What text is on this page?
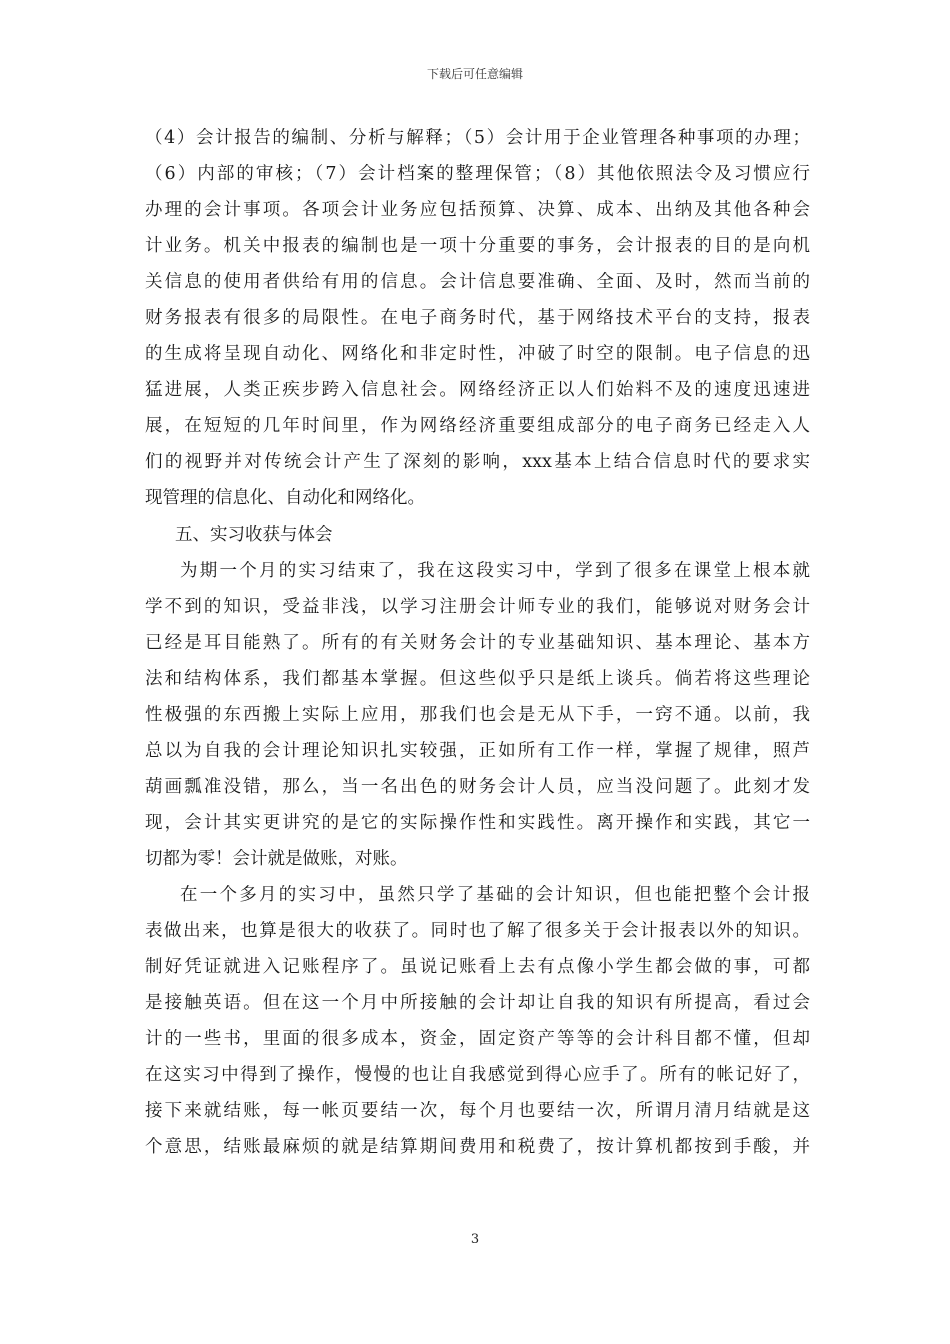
下载后可任意编辑
（4）会计报告的编制、分析与解释；（5）会计用于企业管理各种事项的办理；
（6）内部的审核；（7）会计档案的整理保管；（8）其他依照法令及习惯应行
办理的会计事项。各项会计业务应包括预算、决算、成本、出纳及其他各种会
计业务。机关中报表的编制也是一项十分重要的事务，会计报表的目的是向机
关信息的使用者供给有用的信息。会计信息要准确、全面、及时，然而当前的
财务报表有很多的局限性。在电子商务时代，基于网络技术平台的支持，报表
的生成将呈现自动化、网络化和非定时性，冲破了时空的限制。电子信息的迅
猛进展，人类正疾步跨入信息社会。网络经济正以人们始料不及的速度迅速进
展，在短短的几年时间里，作为网络经济重要组成部分的电子商务已经走入人
们的视野并对传统会计产生了深刻的影响，xxx基本上结合信息时代的要求实
现管理的信息化、自动化和网络化。
五、实习收获与体会
为期一个月的实习结束了，我在这段实习中，学到了很多在课堂上根本就
学不到的知识，受益非浅，以学习注册会计师专业的我们，能够说对财务会计
已经是耳目能熟了。所有的有关财务会计的专业基础知识、基本理论、基本方
法和结构体系，我们都基本掌握。但这些似乎只是纸上谈兵。倘若将这些理论
性极强的东西搬上实际上应用，那我们也会是无从下手，一窍不通。以前，我
总以为自我的会计理论知识扎实较强，正如所有工作一样，掌握了规律，照芦
葫画瓢准没错，那么，当一名出色的财务会计人员，应当没问题了。此刻才发
现，会计其实更讲究的是它的实际操作性和实践性。离开操作和实践，其它一
切都为零！会计就是做账，对账。
在一个多月的实习中，虽然只学了基础的会计知识，但也能把整个会计报
表做出来，也算是很大的收获了。同时也了解了很多关于会计报表以外的知识。
制好凭证就进入记账程序了。虽说记账看上去有点像小学生都会做的事，可都
是接触英语。但在这一个月中所接触的会计却让自我的知识有所提高，看过会
计的一些书，里面的很多成本，资金，固定资产等等的会计科目都不懂，但却
在这实习中得到了操作，慢慢的也让自我感觉到得心应手了。所有的帐记好了，
接下来就结账，每一帐页要结一次，每个月也要结一次，所谓月清月结就是这
个意思，结账最麻烦的就是结算期间费用和税费了，按计算机都按到手酸，并
3
